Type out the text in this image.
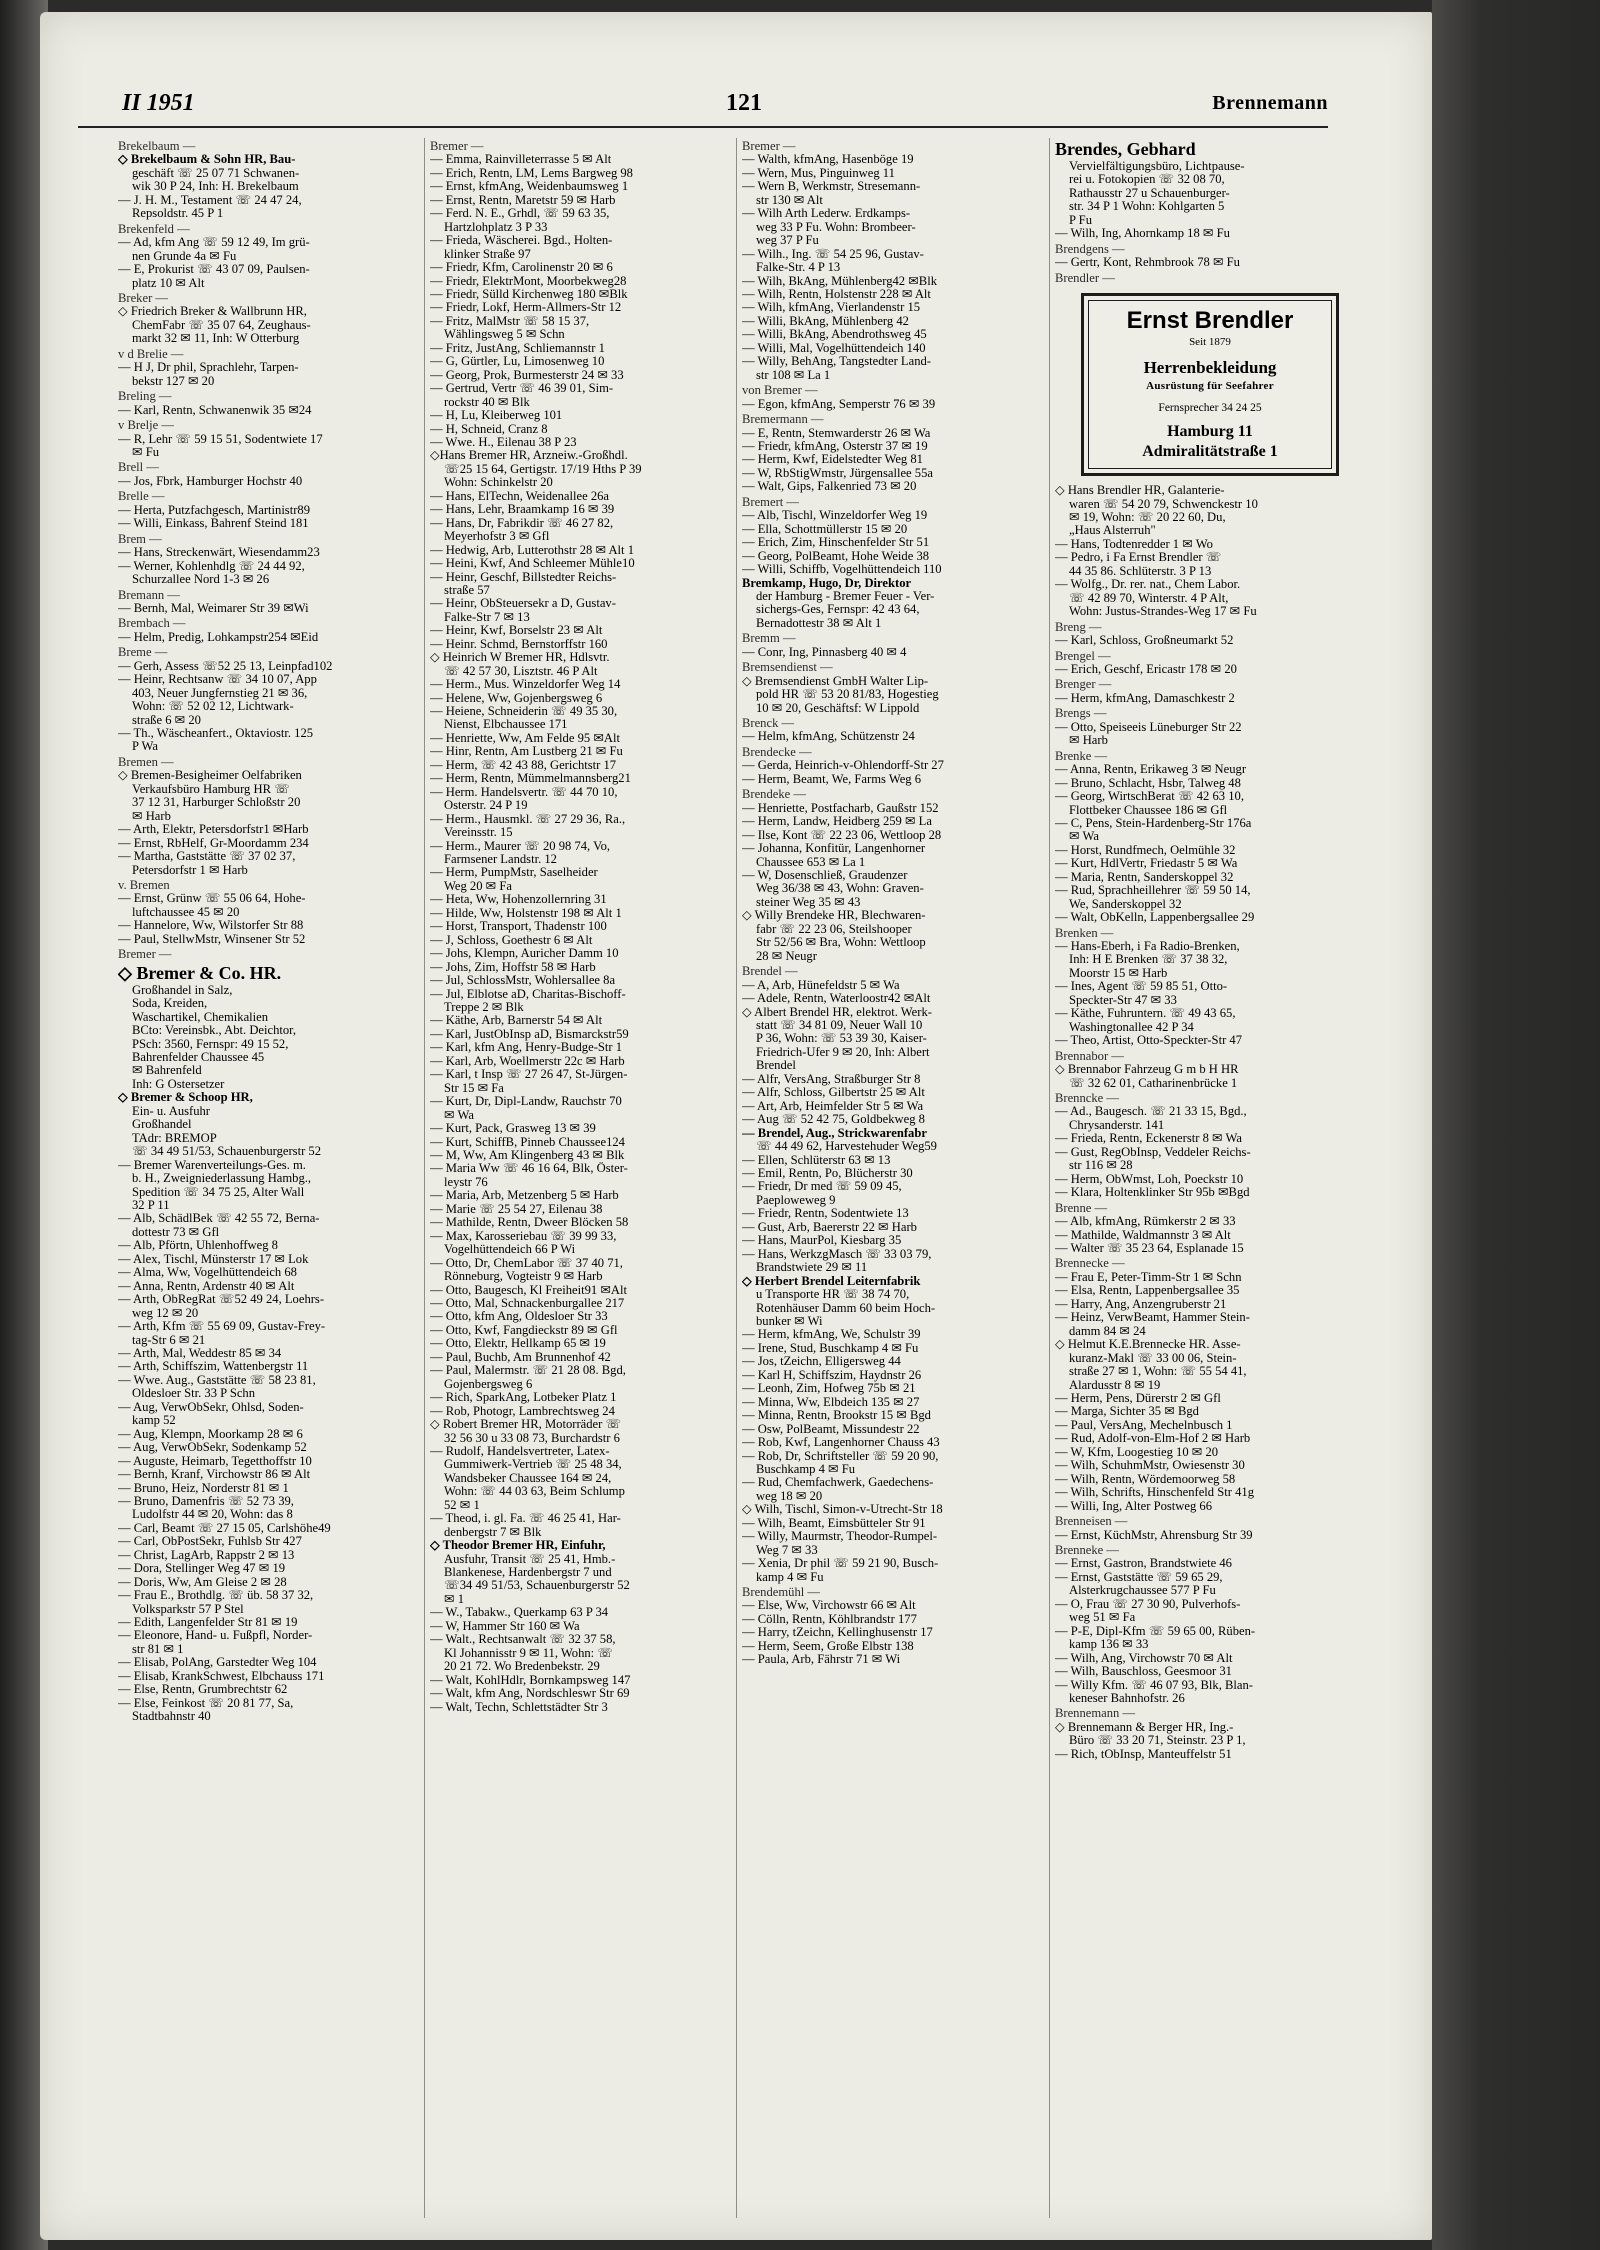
II 1951	121	Brennemann
Brekelbaum —
◇ Brekelbaum & Sohn HR, Bau-
geschäft ☏ 25 07 71 Schwanen-
wik 30 P 24, Inh: H. Brekelbaum
— J. H. M., Testament ☏ 24 47 24,
Repsoldstr. 45 P 1
Brekenfeld —
— Ad, kfm Ang ☏ 59 12 49, Im grü-
nen Grunde 4a ✉ Fu
— E, Prokurist ☏ 43 07 09, Paulsen-
platz 10 ✉ Alt
Breker —
◇ Friedrich Breker & Wallbrunn HR,
ChemFabr ☏ 35 07 64, Zeughaus-
markt 32 ✉ 11, Inh: W Otterburg
v d Brelie —
— H J, Dr phil, Sprachlehr, Tarpen-
bekstr 127 ✉ 20
Breling —
— Karl, Rentn, Schwanenwik 35 ✉24
v Brelje —
— R, Lehr ☏ 59 15 51, Sodentwiete 17
✉ Fu
Brell —
— Jos, Fbrk, Hamburger Hochstr 40
Brelle —
— Herta, Putzfachgesch, Martinistr89
— Willi, Einkass, Bahrenf Steind 181
Brem —
— Hans, Streckenwärt, Wiesendamm23
— Werner, Kohlenhdlg ☏ 24 44 92,
Schurzallee Nord 1-3 ✉ 26
Bremann —
— Bernh, Mal, Weimarer Str 39 ✉Wi
Brembach —
— Helm, Predig, Lohkampstr254 ✉Eid
Breme —
— Gerh, Assess ☏52 25 13, Leinpfad102
— Heinr, Rechtsanw ☏ 34 10 07, App
403, Neuer Jungfernstieg 21 ✉ 36,
Wohn: ☏ 52 02 12, Lichtwark-
straße 6 ✉ 20
— Th., Wäscheanfert., Oktaviostr. 125
P Wa
Bremen —
◇ Bremen-Besigheimer Oelfabriken
Verkaufsbüro Hamburg HR ☏
37 12 31, Harburger Schloßstr 20
✉ Harb
— Arth, Elektr, Petersdorfstr1 ✉Harb
— Ernst, RbHelf, Gr-Moordamm 234
— Martha, Gaststätte ☏ 37 02 37,
Petersdorfstr 1 ✉ Harb
v. Bremen
— Ernst, Grünw ☏ 55 06 64, Hohe-
luftchaussee 45 ✉ 20
— Hannelore, Ww, Wilstorfer Str 88
— Paul, StellwMstr, Winsener Str 52
Bremer —
◇ Bremer & Co. HR.
Großhandel in Salz,
Soda, Kreiden,
Waschartikel, Chemikalien
BCto: Vereinsbk., Abt. Deichtor,
PSch: 3560, Fernspr: 49 15 52,
Bahrenfelder Chaussee 45
✉ Bahrenfeld
Inh: G Ostersetzer
◇ Bremer & Schoop HR,
Ein- u. Ausfuhr
Großhandel
TAdr: BREMOP
☏ 34 49 51/53, Schauenburgerstr 52
— Bremer Warenverteilungs-Ges. m.
b. H., Zweigniederlassung Hambg.,
Spedition ☏ 34 75 25, Alter Wall
32 P 11
— Alb, SchädlBek ☏ 42 55 72, Berna-
dottestr 73 ✉ Gfl
— Alb, Pförtn, Uhlenhoffweg 8
— Alex, Tischl, Münsterstr 17 ✉ Lok
— Alma, Ww, Vogelhüttendeich 68
— Anna, Rentn, Ardenstr 40 ✉ Alt
— Arth, ObRegRat ☏52 49 24, Loehrs-
weg 12 ✉ 20
— Arth, Kfm ☏ 55 69 09, Gustav-Frey-
tag-Str 6 ✉ 21
— Arth, Mal, Weddestr 85 ✉ 34
— Arth, Schiffszim, Wattenbergstr 11
— Wwe. Aug., Gaststätte ☏ 58 23 81,
Oldesloer Str. 33 P Schn
— Aug, VerwObSekr, Ohlsd, Soden-
kamp 52
— Aug, Klempn, Moorkamp 28 ✉ 6
— Aug, VerwObSekr, Sodenkamp 52
— Auguste, Heimarb, Tegetthoffstr 10
— Bernh, Kranf, Virchowstr 86 ✉ Alt
— Bruno, Heiz, Norderstr 81 ✉ 1
— Bruno, Damenfris ☏ 52 73 39,
Ludolfstr 44 ✉ 20, Wohn: das 8
— Carl, Beamt ☏ 27 15 05, Carlshöhe49
— Carl, ObPostSekr, Fuhlsb Str 427
— Christ, LagArb, Rappstr 2 ✉ 13
— Dora, Stellinger Weg 47 ✉ 19
— Doris, Ww, Am Gleise 2 ✉ 28
— Frau E., Brothdlg. ☏ üb. 58 37 32,
Volksparkstr 57 P Stel
— Edith, Langenfelder Str 81 ✉ 19
— Eleonore, Hand- u. Fußpfl, Norder-
str 81 ✉ 1
— Elisab, PolAng, Garstedter Weg 104
— Elisab, KrankSchwest, Elbchauss 171
— Else, Rentn, Grumbrechtstr 62
— Else, Feinkost ☏ 20 81 77, Sa,
Stadtbahnstr 40
Bremer —
— Emma, Rainvilleterrasse 5 ✉ Alt
— Erich, Rentn, LM, Lems Bargweg 98
— Ernst, kfmAng, Weidenbaumsweg 1
— Ernst, Rentn, Maretstr 59 ✉ Harb
— Ferd. N. E., Grhdl, ☏ 59 63 35,
Hartzlohplatz 3 P 33
— Frieda, Wäscherei. Bgd., Holten-
klinker Straße 97
— Friedr, Kfm, Carolinenstr 20 ✉ 6
— Friedr, ElektrMont, Moorbekweg28
— Friedr, Sülld Kirchenweg 180 ✉Blk
— Friedr, Lokf, Herm-Allmers-Str 12
— Fritz, MalMstr ☏ 58 15 37,
Wählingsweg 5 ✉ Schn
— Fritz, JustAng, Schliemannstr 1
— G, Gürtler, Lu, Limosenweg 10
— Georg, Prok, Burmesterstr 24 ✉ 33
— Gertrud, Vertr ☏ 46 39 01, Sim-
rockstr 40 ✉ Blk
— H, Lu, Kleiberweg 101
— H, Schneid, Cranz 8
— Wwe. H., Eilenau 38 P 23
◇Hans Bremer HR, Arzneiw.-Großhdl.
☏25 15 64, Gertigstr. 17/19 Hths P 39
Wohn: Schinkelstr 20
— Hans, ElTechn, Weidenallee 26a
— Hans, Lehr, Braamkamp 16 ✉ 39
— Hans, Dr, Fabrikdir ☏ 46 27 82,
Meyerhofstr 3 ✉ Gfl
— Hedwig, Arb, Lutterothstr 28 ✉ Alt 1
— Heini, Kwf, And Schleemer Mühle10
— Heinr, Geschf, Billstedter Reichs-
straße 57
— Heinr, ObSteuersekr a D, Gustav-
Falke-Str 7 ✉ 13
— Heinr, Kwf, Borselstr 23 ✉ Alt
— Heinr. Schmd, Bernstorffstr 160
◇ Heinrich W Bremer HR, Hdlsvtr.
☏ 42 57 30, Lisztstr. 46 P Alt
— Herm., Mus. Winzeldorfer Weg 14
— Helene, Ww, Gojenbergsweg 6
— Heiene, Schneiderin ☏ 49 35 30,
Nienst, Elbchaussee 171
— Henriette, Ww, Am Felde 95 ✉Alt
— Hinr, Rentn, Am Lustberg 21 ✉ Fu
— Herm, ☏ 42 43 88, Gerichtstr 17
— Herm, Rentn, Mümmelmannsberg21
— Herm. Handelsvertr. ☏ 44 70 10,
Osterstr. 24 P 19
— Herm., Hausmkl. ☏ 27 29 36, Ra.,
Vereinsstr. 15
— Herm., Maurer ☏ 20 98 74, Vo,
Farmsener Landstr. 12
— Herm, PumpMstr, Saselheider
Weg 20 ✉ Fa
— Heta, Ww, Hohenzollernring 31
— Hilde, Ww, Holstenstr 198 ✉ Alt 1
— Horst, Transport, Thadenstr 100
— J, Schloss, Goethestr 6 ✉ Alt
— Johs, Klempn, Auricher Damm 10
— Johs, Zim, Hoffstr 58 ✉ Harb
— Jul, SchlossMstr, Wohlersallee 8a
— Jul, Elblotse aD, Charitas-Bischoff-
Treppe 2 ✉ Blk
— Käthe, Arb, Barnerstr 54 ✉ Alt
— Karl, JustObInsp aD, Bismarckstr59
— Karl, kfm Ang, Henry-Budge-Str 1
— Karl, Arb, Woellmerstr 22c ✉ Harb
— Karl, t Insp ☏ 27 26 47, St-Jürgen-
Str 15 ✉ Fa
— Kurt, Dr, Dipl-Landw, Rauchstr 70
✉ Wa
— Kurt, Pack, Grasweg 13 ✉ 39
— Kurt, SchiffB, Pinneb Chaussee124
— M, Ww, Am Klingenberg 43 ✉ Blk
— Maria Ww ☏ 46 16 64, Blk, Öster-
leystr 76
— Maria, Arb, Metzenberg 5 ✉ Harb
— Marie ☏ 25 54 27, Eilenau 38
— Mathilde, Rentn, Dweer Blöcken 58
— Max, Karosseriebau ☏ 39 99 33,
Vogelhüttendeich 66 P Wi
— Otto, Dr, ChemLabor ☏ 37 40 71,
Rönneburg, Vogteistr 9 ✉ Harb
— Otto, Baugesch, Kl Freiheit91 ✉Alt
— Otto, Mal, Schnackenburgallee 217
— Otto, kfm Ang, Oldesloer Str 33
— Otto, Kwf, Fangdieckstr 89 ✉ Gfl
— Otto, Elektr, Hellkamp 65 ✉ 19
— Paul, Buchb, Am Brunnenhof 42
— Paul, Malermstr. ☏ 21 28 08. Bgd,
Gojenbergsweg 6
— Rich, SparkAng, Lotbeker Platz 1
— Rob, Photogr, Lambrechtsweg 24
◇ Robert Bremer HR, Motorräder ☏
32 56 30 u 33 08 73, Burchardstr 6
— Rudolf, Handelsvertreter, Latex-
Gummiwerk-Vertrieb ☏ 25 48 34,
Wandsbeker Chaussee 164 ✉ 24,
Wohn: ☏ 44 03 63, Beim Schlump
52 ✉ 1
— Theod, i. gl. Fa. ☏ 46 25 41, Har-
denbergstr 7 ✉ Blk
◇ Theodor Bremer HR, Einfuhr,
Ausfuhr, Transit ☏ 25 41, Hmb.-
Blankenese, Hardenbergstr 7 und
☏34 49 51/53, Schauenburgerstr 52
✉ 1
— W., Tabakw., Querkamp 63 P 34
— W, Hammer Str 160 ✉ Wa
— Walt., Rechtsanwalt ☏ 32 37 58,
Kl Johannisstr 9 ✉ 11, Wohn: ☏
20 21 72. Wo Bredenbekstr. 29
— Walt, KohlHdlr, Bornkampsweg 147
— Walt, kfm Ang, Nordschleswr Str 69
— Walt, Techn, Schlettstädter Str 3
Bremer —
— Walth, kfmAng, Hasenböge 19
— Wern, Mus, Pinguinweg 11
— Wern B, Werkmstr, Stresemann-
str 130 ✉ Alt
— Wilh Arth Lederw. Erdkamps-
weg 33 P Fu. Wohn: Brombeer-
weg 37 P Fu
— Wilh., Ing. ☏ 54 25 96, Gustav-
Falke-Str. 4 P 13
— Wilh, BkAng, Mühlenberg42 ✉Blk
— Wilh, Rentn, Holstenstr 228 ✉ Alt
— Wilh, kfmAng, Vierlandenstr 15
— Willi, BkAng, Mühlenberg 42
— Willi, BkAng, Abendrothsweg 45
— Willi, Mal, Vogelhüttendeich 140
— Willy, BehAng, Tangstedter Land-
str 108 ✉ La 1
von Bremer —
— Egon, kfmAng, Semperstr 76 ✉ 39
Bremermann —
— E, Rentn, Stemwarderstr 26 ✉ Wa
— Friedr, kfmAng, Osterstr 37 ✉ 19
— Herm, Kwf, Eidelstedter Weg 81
— W, RbStigWmstr, Jürgensallee 55a
— Walt, Gips, Falkenried 73 ✉ 20
Bremert —
— Alb, Tischl, Winzeldorfer Weg 19
— Ella, Schottmüllerstr 15 ✉ 20
— Erich, Zim, Hinschenfelder Str 51
— Georg, PolBeamt, Hohe Weide 38
— Willi, Schiffb, Vogelhüttendeich 110
Bremkamp, Hugo, Dr, Direktor
der Hamburg - Bremer Feuer - Ver-
sichergs-Ges, Fernspr: 42 43 64,
Bernadottestr 38 ✉ Alt 1
Bremm —
— Conr, Ing, Pinnasberg 40 ✉ 4
Bremsendienst —
◇ Bremsendienst GmbH Walter Lip-
pold HR ☏ 53 20 81/83, Hogestieg
10 ✉ 20, Geschäftsf: W Lippold
Brenck —
— Helm, kfmAng, Schützenstr 24
Brendecke —
— Gerda, Heinrich-v-Ohlendorff-Str 27
— Herm, Beamt, We, Farms Weg 6
Brendeke —
— Henriette, Postfacharb, Gaußstr 152
— Herm, Landw, Heidberg 259 ✉ La
— Ilse, Kont ☏ 22 23 06, Wettloop 28
— Johanna, Konfitür, Langenhorner
Chaussee 653 ✉ La 1
— W, Dosenschließ, Graudenzer
Weg 36/38 ✉ 43, Wohn: Graven-
steiner Weg 35 ✉ 43
◇ Willy Brendeke HR, Blechwaren-
fabr ☏ 22 23 06, Steilshooper
Str 52/56 ✉ Bra, Wohn: Wettloop
28 ✉ Neugr
Brendel —
— A, Arb, Hünefeldstr 5 ✉ Wa
— Adele, Rentn, Waterloostr42 ✉Alt
◇ Albert Brendel HR, elektrot. Werk-
statt ☏ 34 81 09, Neuer Wall 10
P 36, Wohn: ☏ 53 39 30, Kaiser-
Friedrich-Ufer 9 ✉ 20, Inh: Albert
Brendel
— Alfr, VersAng, Straßburger Str 8
— Alfr, Schloss, Gilbertstr 25 ✉ Alt
— Art, Arb, Heimfelder Str 5 ✉ Wa
— Aug ☏ 52 42 75, Goldbekweg 8
— Brendel, Aug., Strickwarenfabr
☏ 44 49 62, Harvestehuder Weg59
— Ellen, Schlüterstr 63 ✉ 13
— Emil, Rentn, Po, Blücherstr 30
— Friedr, Dr med ☏ 59 09 45,
Paeploweweg 9
— Friedr, Rentn, Sodentwiete 13
— Gust, Arb, Baererstr 22 ✉ Harb
— Hans, MaurPol, Kiesbarg 35
— Hans, WerkzgMasch ☏ 33 03 79,
Brandstwiete 29 ✉ 11
◇ Herbert Brendel Leiternfabrik
u Transporte HR ☏ 38 74 70,
Rotenhäuser Damm 60 beim Hoch-
bunker ✉ Wi
— Herm, kfmAng, We, Schulstr 39
— Irene, Stud, Buschkamp 4 ✉ Fu
— Jos, tZeichn, Elligersweg 44
— Karl H, Schiffszim, Haydnstr 26
— Leonh, Zim, Hofweg 75b ✉ 21
— Minna, Ww, Elbdeich 135 ✉ 27
— Minna, Rentn, Brookstr 15 ✉ Bgd
— Osw, PolBeamt, Missundestr 22
— Rob, Kwf, Langenhorner Chauss 43
— Rob, Dr, Schriftsteller ☏ 59 20 90,
Buschkamp 4 ✉ Fu
— Rud, Chemfachwerk, Gaedechens-
weg 18 ✉ 20
◇ Wilh, Tischl, Simon-v-Utrecht-Str 18
— Wilh, Beamt, Eimsbütteler Str 91
— Willy, Maurmstr, Theodor-Rumpel-
Weg 7 ✉ 33
— Xenia, Dr phil ☏ 59 21 90, Busch-
kamp 4 ✉ Fu
Brendemühl —
— Else, Ww, Virchowstr 66 ✉ Alt
— Cölln, Rentn, Köhlbrandstr 177
— Harry, tZeichn, Kellinghusenstr 17
— Herm, Seem, Große Elbstr 138
— Paula, Arb, Fährstr 71 ✉ Wi
Brendes, Gebhard
Vervielfältigungsbüro, Lichtpause-
rei u. Fotokopien ☏ 32 08 70,
Rathausstr 27 u Schauenburger-
str. 34 P 1 Wohn: Kohlgarten 5
P Fu
— Wilh, Ing, Ahornkamp 18 ✉ Fu
Brendgens —
— Gertr, Kont, Rehmbrook 78 ✉ Fu
Brendler —
Ernst Brendler
Seit 1879
Herrenbekleidung
Ausrüstung für Seefahrer
Fernsprecher 34 24 25
Hamburg 11
Admiralitätstraße 1
◇ Hans Brendler HR, Galanterie-
waren ☏ 54 20 79, Schwenckestr 10
✉ 19, Wohn: ☏ 20 22 60, Du,
„Haus Alsterruh"
— Hans, Todtenredder 1 ✉ Wo
— Pedro, i Fa Ernst Brendler ☏
44 35 86. Schlüterstr. 3 P 13
— Wolfg., Dr. rer. nat., Chem Labor.
☏ 42 89 70, Winterstr. 4 P Alt,
Wohn: Justus-Strandes-Weg 17 ✉ Fu
Breng —
— Karl, Schloss, Großneumarkt 52
Brengel —
— Erich, Geschf, Ericastr 178 ✉ 20
Brenger —
— Herm, kfmAng, Damaschkestr 2
Brengs —
— Otto, Speiseeis Lüneburger Str 22
✉ Harb
Brenke —
— Anna, Rentn, Erikaweg 3 ✉ Neugr
— Bruno, Schlacht, Hsbr, Talweg 48
— Georg, WirtschBerat ☏ 42 63 10,
Flottbeker Chaussee 186 ✉ Gfl
— C, Pens, Stein-Hardenberg-Str 176a
✉ Wa
— Horst, Rundfmech, Oelmühle 32
— Kurt, HdlVertr, Friedastr 5 ✉ Wa
— Maria, Rentn, Sanderskoppel 32
— Rud, Sprachheillehrer ☏ 59 50 14,
We, Sanderskoppel 32
— Walt, ObKelln, Lappenbergsallee 29
Brenken —
— Hans-Eberh, i Fa Radio-Brenken,
Inh: H E Brenken ☏ 37 38 32,
Moorstr 15 ✉ Harb
— Ines, Agent ☏ 59 85 51, Otto-
Speckter-Str 47 ✉ 33
— Käthe, Fuhruntern. ☏ 49 43 65,
Washingtonallee 42 P 34
— Theo, Artist, Otto-Speckter-Str 47
Brennabor —
◇ Brennabor Fahrzeug G m b H HR
☏ 32 62 01, Catharinenbrücke 1
Brenncke —
— Ad., Baugesch. ☏ 21 33 15, Bgd.,
Chrysanderstr. 141
— Frieda, Rentn, Eckenerstr 8 ✉ Wa
— Gust, RegObInsp, Veddeler Reichs-
str 116 ✉ 28
— Herm, ObWmst, Loh, Poeckstr 10
— Klara, Holtenklinker Str 95b ✉Bgd
Brenne —
— Alb, kfmAng, Rümkerstr 2 ✉ 33
— Mathilde, Waldmannstr 3 ✉ Alt
— Walter ☏ 35 23 64, Esplanade 15
Brennecke —
— Frau E, Peter-Timm-Str 1 ✉ Schn
— Elsa, Rentn, Lappenbergsallee 35
— Harry, Ang, Anzengruberstr 21
— Heinz, VerwBeamt, Hammer Stein-
damm 84 ✉ 24
◇ Helmut K.E.Brennecke HR. Asse-
kuranz-Makl ☏ 33 00 06, Stein-
straße 27 ✉ 1, Wohn: ☏ 55 54 41,
Alardusstr 8 ✉ 19
— Herm, Pens, Dürerstr 2 ✉ Gfl
— Marga, Sichter 35 ✉ Bgd
— Paul, VersAng, Mechelnbusch 1
— Rud, Adolf-von-Elm-Hof 2 ✉ Harb
— W, Kfm, Loogestieg 10 ✉ 20
— Wilh, SchuhmMstr, Owiesenstr 30
— Wilh, Rentn, Wördemoorweg 58
— Wilh, Schrifts, Hinschenfeld Str 41g
— Willi, Ing, Alter Postweg 66
Brenneisen —
— Ernst, KüchMstr, Ahrensburg Str 39
Brenneke —
— Ernst, Gastron, Brandstwiete 46
— Ernst, Gaststätte ☏ 59 65 29,
Alsterkrugchaussee 577 P Fu
— O, Frau ☏ 27 30 90, Pulverhofs-
weg 51 ✉ Fa
— P-E, Dipl-Kfm ☏ 59 65 00, Rüben-
kamp 136 ✉ 33
— Wilh, Ang, Virchowstr 70 ✉ Alt
— Wilh, Bauschloss, Geesmoor 31
— Willy Kfm. ☏ 46 07 93, Blk, Blan-
keneser Bahnhofstr. 26
Brennemann —
◇ Brennemann & Berger HR, Ing.-
Büro ☏ 33 20 71, Steinstr. 23 P 1,
— Rich, tObInsp, Manteuffelstr 51
